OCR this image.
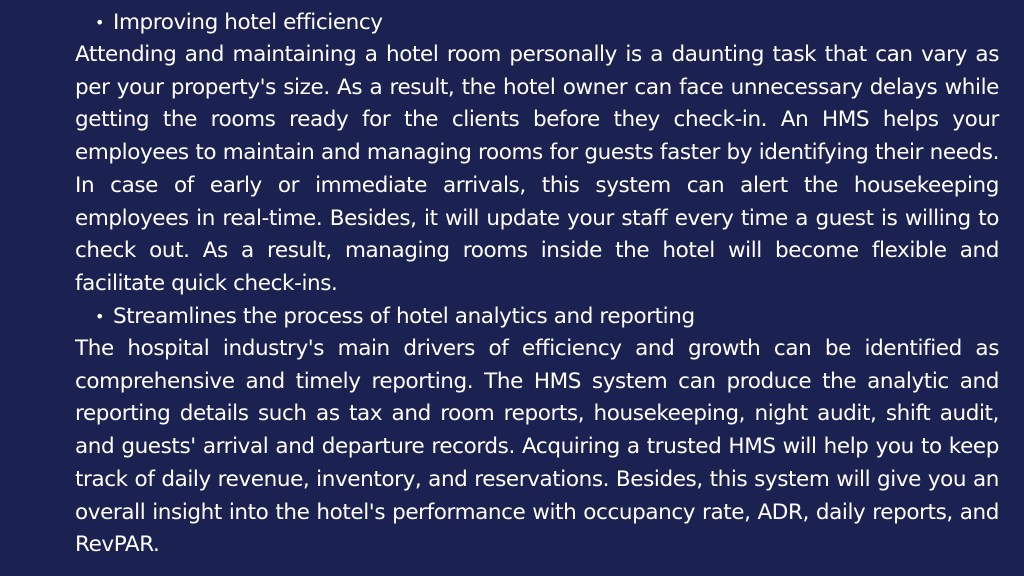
• Improving hotel efficiency

Attending and maintaining a hotel room personally is a daunting task that can vary as per your property's size. As a result, the hotel owner can face unnecessary delays while getting the rooms ready for the clients before they check-in. An HMS helps your employees to maintain and managing rooms for guests faster by identifying their needs. In case of early or immediate arrivals, this system can alert the housekeeping employees in real-time. Besides, it will update your staff every time a guest is willing to check out. As a result, managing rooms inside the hotel will become flexible and facilitate quick check-ins.

• Streamlines the process of hotel analytics and reporting

The hospital industry's main drivers of efficiency and growth can be identified as comprehensive and timely reporting. The HMS system can produce the analytic and reporting details such as tax and room reports, housekeeping, night audit, shift audit, and guests' arrival and departure records. Acquiring a trusted HMS will help you to keep track of daily revenue, inventory, and reservations. Besides, this system will give you an overall insight into the hotel's performance with occupancy rate, ADR, daily reports, and RevPAR.
